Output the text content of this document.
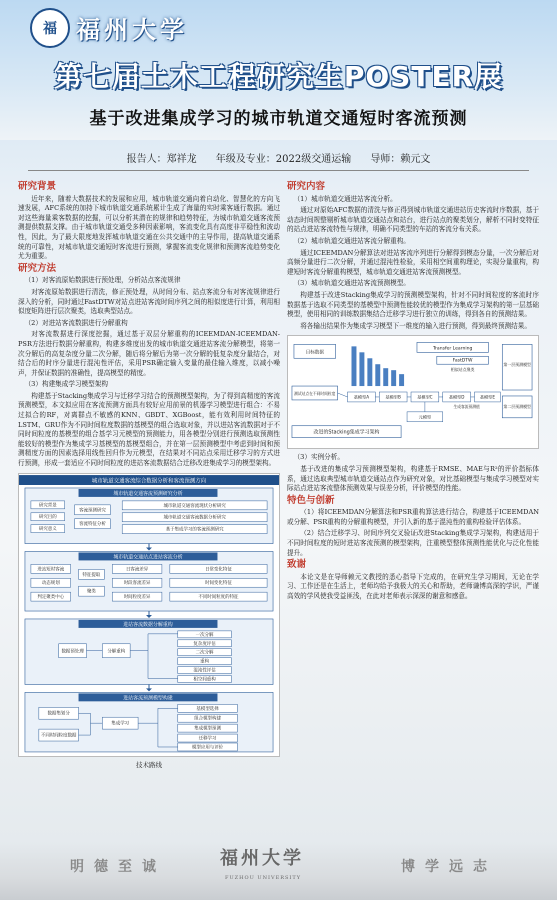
福 福州大学
第七届土木工程研究生POSTER展
基于改进集成学习的城市轨道交通短时客流预测
报告人：郑祥龙 年级及专业：2022级交通运输 导师：赖元文
研究背景
近年来，随着大数据技术的发展和应用，城市轨道交通向着自动化、智慧化的方向飞速发展，AFC系统的加持下城市轨道交通系统累计生成了海量的实时乘客通行数据。通过对这些海量乘客数据的挖掘，可以分析其潜在的规律和趋势特征，为城市轨道交通客流预测提供数据支撑。由于城市轨道交通受多种因素影响，客流变化具有高度非平稳性和波动性，因此，为了最大限度地发挥城市轨道交通在公共交通中的主导作用，提高轨道交通系统的可靠性，对城市轨道交通短时客流进行预测，掌握客流变化规律和预测客流趋势变化尤为重要。
研究方法
（1）对客流原始数据进行预处理，分析站点客流规律
对客流原始数据进行清洗，修正预处理，从时间分布、站点客流分布对客流规律进行深入的分析，同时通过FastDTW对站点进站客流时间序列之间的相似度进行计算，利用相似度矩阵进行层次聚类，选取典型站点。
（2）对进站客流数据进行分解重构
对客流数据进行深度挖掘，通过基于双层分解重构的ICEEMDAN-ICEEMDAN-PSR方法进行数据分解重构，构建多维度出发的城市轨道交通进站客流分解模型，将第一次分解后的高复杂度分量二次分解，随后将分解后为第一次分解的低复杂度分量结合，对结合后的时序分量进行混沌性评估，采用PSR确定输入变量的最佳输入维度，以减小噪声，并保证数据的准确性，提高模型的精度。
（3）构建集成学习模型架构
构建基于Stacking集成学习与迁移学习结合的预测模型架构，为了得到高精度的客流预测模型，本文拟应用在客流预测方面具有较好应用前景的机器学习模型进行组合：不易过拟合的RF，对离群点不敏感的KNN、GBDT、XGBoost，能有效利用时间特征的LSTM、GRU作为不同时间粒度数据的基模型的组合选取对象，并以进站客流数据对于不同时间粒度的基模型的组合基学习元模型的预测能力，用各模型分别进行预测选取预测性能较好的模型作为集成学习基模型的基模型组合，并在第一层预测模型中考虑到时间和预测精度方面的因素选择用线性回归作为元模型，在结果对不同站点采用迁移学习的方式进行预测，形成一套适应不同时间粒度的进站客流数据结合迁移改进集成学习的模型架构。
城市轨道交通客流综合数据分析和客流预测方向
城市轨道交通客流预测研究分析
研究背景
研究目的
研究意义
客流预测研究
客流特征分析
城市轨道交通客流现状分析研究
城市轨道交通客流数据分析研究
基于集成学习的客流预测研究
城市轨道交通站点进站客流分析
进站短时客流
动态规划
判定聚类中心
特征提取
聚类
日客流差异
时段客流差异
时间粒度差异
日常变化特征
时间变化特征
不同时间粒度的特征
进站客流数据分解重构
数据预处理	分解重构
一次分解
复杂度评估
二次分解
重构
混沌性评估
相空间重构
进站客流预测模型构建
数据集划分
不同时间粒度数据
集成学习
基模型选择
组合模型构建
集成模型预测
迁移学习
模型应用与评价
技术路线
研究内容
（1）城市轨道交通进站客流分析。
通过对原始AFC数据的清洗与修正得到城市轨道交通进站历史客流时序数据，基于动态时间规整剔析城市轨道交通站点和站台，进行站点的聚类划分，解析不同时变特征的站点进站客流特性与规律，明确不同类型的车站的客流分布关系。
（2）城市轨道交通进站客流分解重构。
通过ICEEMDAN分解算法对进站客流序列进行分解得到模态分量，一次分解后对高频分量进行二次分解，并通过混沌性检验，采用相空间重构理论，实现分量重构，构建短时客流分解重构模型，城市轨道交通进站客流预测模型。
（3）城市轨道交通进站客流预测模型。
构建基于改进Stacking集成学习的预测模型架构，针对不同时间粒度的客流时序数据基于选取不同类型的基模型中预测性能较优的模型作为集成学习架构的第一层基础模型，使用相同的训练数据集结合迁移学习进行独立的训练，得到各自的预测结果。
将各输出结果作为集成学习模型下一维度的输入进行预测，得到最终预测结果。
目标数据
测试站点在不同时间粒度
Transfer Learning
FastDTW
相似站点聚类
第一层预测模型
第二层预测模型
基模型A	基模型B	基模型C	基模型D	基模型E
元模型
生成客流预测值
改进的Stacking集成学习架构
（3）实例分析。
基于改进的集成学习预测模型架构，构建基于RMSE、MAE与R²的评价指标体系，通过选取典型城市轨道交通站点作为研究对象，对比基础模型与集成学习模型对实际站点进站客流整体预测效果与误差分析，评价模型的性能。
特色与创新
（1）将ICEEMDAN分解算法和PSR重构算法进行结合，构建基于ICEEMDAN或分解、PSR重构的分解重构模型，并引入新的基于混沌性的重构检验评估体系。
（2）结合迁移学习、时间序列交叉验证改进Stacking集成学习架构，构建适用于不同时间粒度的短时进站客流预测的模型架构，注重模型整体预测性能优化与泛化性能提升。
致谢
本论文是在导师赖元文教授的悉心指导下完成的，在研究生学习期间，无论在学习、工作还是在生活上，老师均给予我极大的关心和帮助，老师谦博高深的学识，严谨高效的学风使我受益匪浅，在此对老师表示深深的谢意和感意。
明德至诚	福州大学
FUZHOU UNIVERSITY
博学远志
